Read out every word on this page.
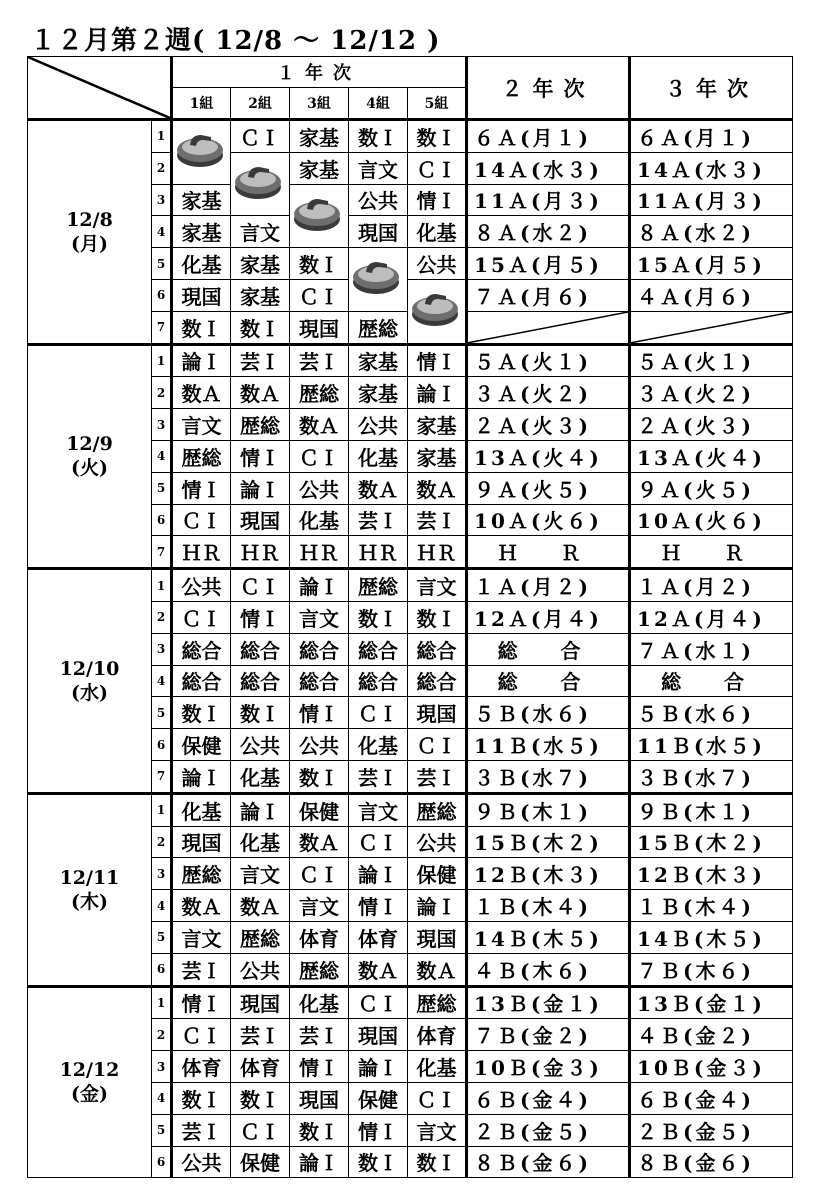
１２月第２週( 12/8 〜 12/12 )
	１年次					２年次	３年次
		1組	2組	3組	4組	5組		

12/8
(月)	1		ＣＩ	家基	数Ｉ	数Ｉ	６Ａ(月１)	６Ａ(月１)
	2			家基	言文	ＣＩ	14Ａ(水３)	14Ａ(水３)
	3	家基			公共	情Ｉ	11Ａ(月３)	11Ａ(月３)
	4	家基	言文		現国	化基	８Ａ(水２)	８Ａ(水２)
	5	化基	家基	数Ｉ		公共	15Ａ(月５)	15Ａ(月５)
	6	現国	家基	ＣＩ			７Ａ(月６)	４Ａ(月６)
	7	数Ｉ	数Ｉ	現国	歴総		

12/9
(火)	1	論Ｉ	芸Ｉ	芸Ｉ	家基	情Ｉ	５Ａ(火１)	５Ａ(火１)
	2	数Ａ	数Ａ	歴総	家基	論Ｉ	３Ａ(火２)	３Ａ(火２)
	3	言文	歴総	数Ａ	公共	家基	２Ａ(火３)	２Ａ(火３)
	4	歴総	情Ｉ	ＣＩ	化基	家基	13Ａ(火４)	13Ａ(火４)
	5	情Ｉ	論Ｉ	公共	数Ａ	数Ａ	９Ａ(火５)	９Ａ(火５)
	6	ＣＩ	現国	化基	芸Ｉ	芸Ｉ	10Ａ(火６)	10Ａ(火６)
	7	ＨＲ	ＨＲ	ＨＲ	ＨＲ	ＨＲ	Ｈ Ｒ	Ｈ Ｒ

12/10
(水)	1	公共	ＣＩ	論Ｉ	歴総	言文	１Ａ(月２)	１Ａ(月２)
	2	ＣＩ	情Ｉ	言文	数Ｉ	数Ｉ	12Ａ(月４)	12Ａ(月４)
	3	総合	総合	総合	総合	総合	総 合	７Ａ(水１)
	4	総合	総合	総合	総合	総合	総 合	総 合
	5	数Ｉ	数Ｉ	情Ｉ	ＣＩ	現国	５Ｂ(水６)	５Ｂ(水６)
	6	保健	公共	公共	化基	ＣＩ	11Ｂ(水５)	11Ｂ(水５)
	7	論Ｉ	化基	数Ｉ	芸Ｉ	芸Ｉ	３Ｂ(水７)	３Ｂ(水７)

12/11
(木)	1	化基	論Ｉ	保健	言文	歴総	９Ｂ(木１)	９Ｂ(木１)
	2	現国	化基	数Ａ	ＣＩ	公共	15Ｂ(木２)	15Ｂ(木２)
	3	歴総	言文	ＣＩ	論Ｉ	保健	12Ｂ(木３)	12Ｂ(木３)
	4	数Ａ	数Ａ	言文	情Ｉ	論Ｉ	１Ｂ(木４)	１Ｂ(木４)
	5	言文	歴総	体育	体育	現国	14Ｂ(木５)	14Ｂ(木５)
	6	芸Ｉ	公共	歴総	数Ａ	数Ａ	４Ｂ(木６)	７Ｂ(木６)

12/12
(金)	1	情Ｉ	現国	化基	ＣＩ	歴総	13Ｂ(金１)	13Ｂ(金１)
	2	ＣＩ	芸Ｉ	芸Ｉ	現国	体育	７Ｂ(金２)	４Ｂ(金２)
	3	体育	体育	情Ｉ	論Ｉ	化基	10Ｂ(金３)	10Ｂ(金３)
	4	数Ｉ	数Ｉ	現国	保健	ＣＩ	６Ｂ(金４)	６Ｂ(金４)
	5	芸Ｉ	ＣＩ	数Ｉ	情Ｉ	言文	２Ｂ(金５)	２Ｂ(金５)
	6	公共	保健	論Ｉ	数Ｉ	数Ｉ	８Ｂ(金６)	８Ｂ(金６)
